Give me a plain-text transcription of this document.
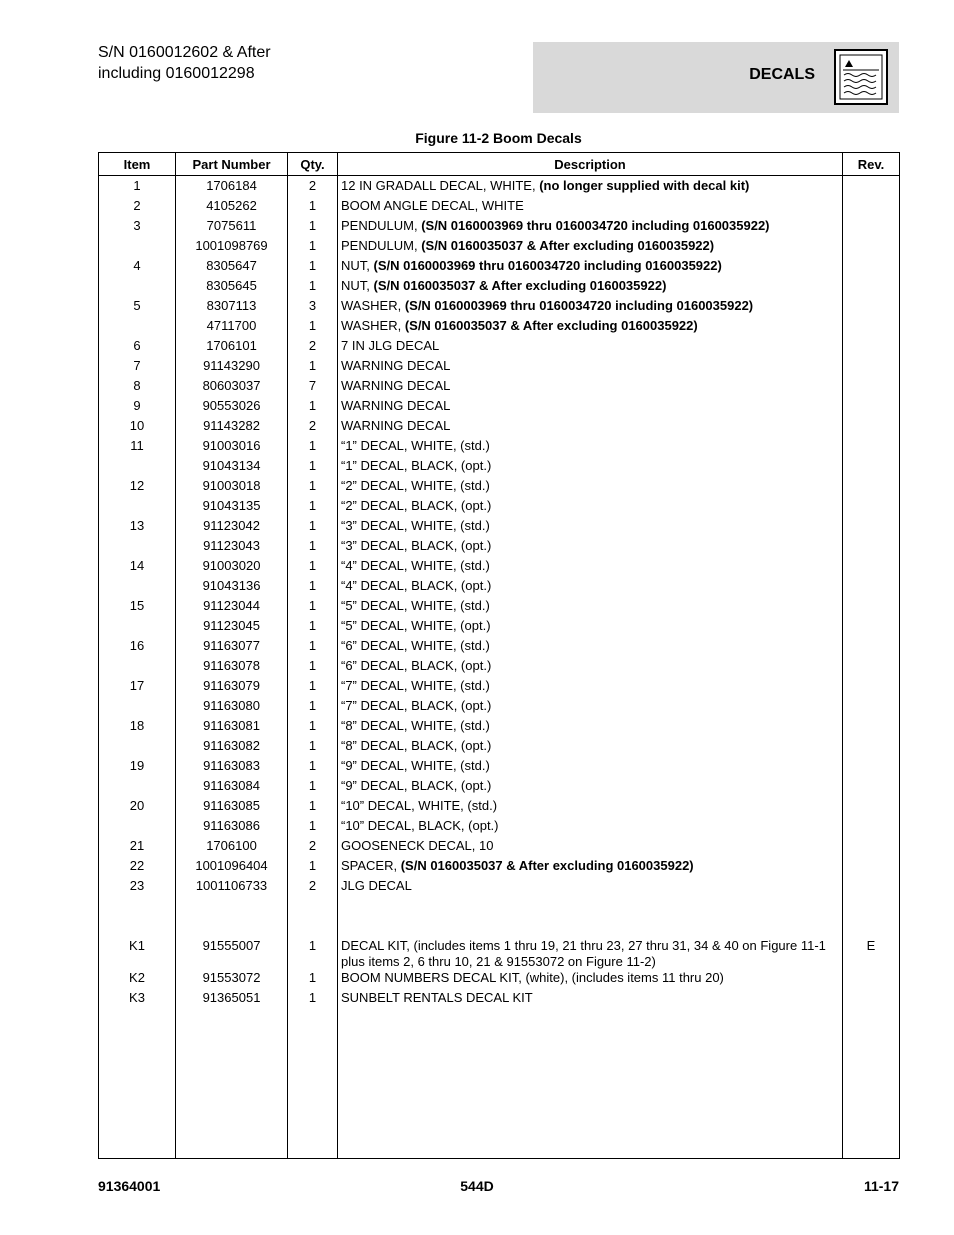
S/N 0160012602 & After
including 0160012298	DECALS
Figure 11-2 Boom Decals
Item	Part Number	Qty.	Description	Rev.
1	1706184	2	12 IN GRADALL DECAL, WHITE, (no longer supplied with decal kit)	
2	4105262	1	BOOM ANGLE DECAL, WHITE	
3	7075611	1	PENDULUM, (S/N 0160003969 thru 0160034720 including 0160035922)	
	1001098769	1	PENDULUM, (S/N 0160035037 & After excluding 0160035922)	
4	8305647	1	NUT, (S/N 0160003969 thru 0160034720 including 0160035922)	
	8305645	1	NUT, (S/N 0160035037 & After excluding 0160035922)	
5	8307113	3	WASHER, (S/N 0160003969 thru 0160034720 including 0160035922)	
	4711700	1	WASHER, (S/N 0160035037 & After excluding 0160035922)	
6	1706101	2	7 IN JLG DECAL	
7	91143290	1	WARNING DECAL	
8	80603037	7	WARNING DECAL	
9	90553026	1	WARNING DECAL	
10	91143282	2	WARNING DECAL	
11	91003016	1	“1” DECAL, WHITE, (std.)	
	91043134	1	“1” DECAL, BLACK, (opt.)	
12	91003018	1	“2” DECAL, WHITE, (std.)	
	91043135	1	“2” DECAL, BLACK, (opt.)	
13	91123042	1	“3” DECAL, WHITE, (std.)	
	91123043	1	“3” DECAL, BLACK, (opt.)	
14	91003020	1	“4” DECAL, WHITE, (std.)	
	91043136	1	“4” DECAL, BLACK, (opt.)	
15	91123044	1	“5” DECAL, WHITE, (std.)	
	91123045	1	“5” DECAL, WHITE, (opt.)	
16	91163077	1	“6” DECAL, WHITE, (std.)	
	91163078	1	“6” DECAL, BLACK, (opt.)	
17	91163079	1	“7” DECAL, WHITE, (std.)	
	91163080	1	“7” DECAL, BLACK, (opt.)	
18	91163081	1	“8” DECAL, WHITE, (std.)	
	91163082	1	“8” DECAL, BLACK, (opt.)	
19	91163083	1	“9” DECAL, WHITE, (std.)	
	91163084	1	“9” DECAL, BLACK, (opt.)	
20	91163085	1	“10” DECAL, WHITE, (std.)	
	91163086	1	“10” DECAL, BLACK, (opt.)	
21	1706100	2	GOOSENECK DECAL, 10	
22	1001096404	1	SPACER, (S/N 0160035037 & After excluding 0160035922)	
23	1001106733	2	JLG DECAL	

K1	91555007	1	DECAL KIT, (includes items 1 thru 19, 21 thru 23, 27 thru 31, 34 & 40 on Figure 11-1 plus items 2, 6 thru 10, 21 & 91553072 on Figure 11-2)	E
K2	91553072	1	BOOM NUMBERS DECAL KIT, (white), (includes items 11 thru 20)	
K3	91365051	1	SUNBELT RENTALS DECAL KIT	

91364001	544D	11-17
